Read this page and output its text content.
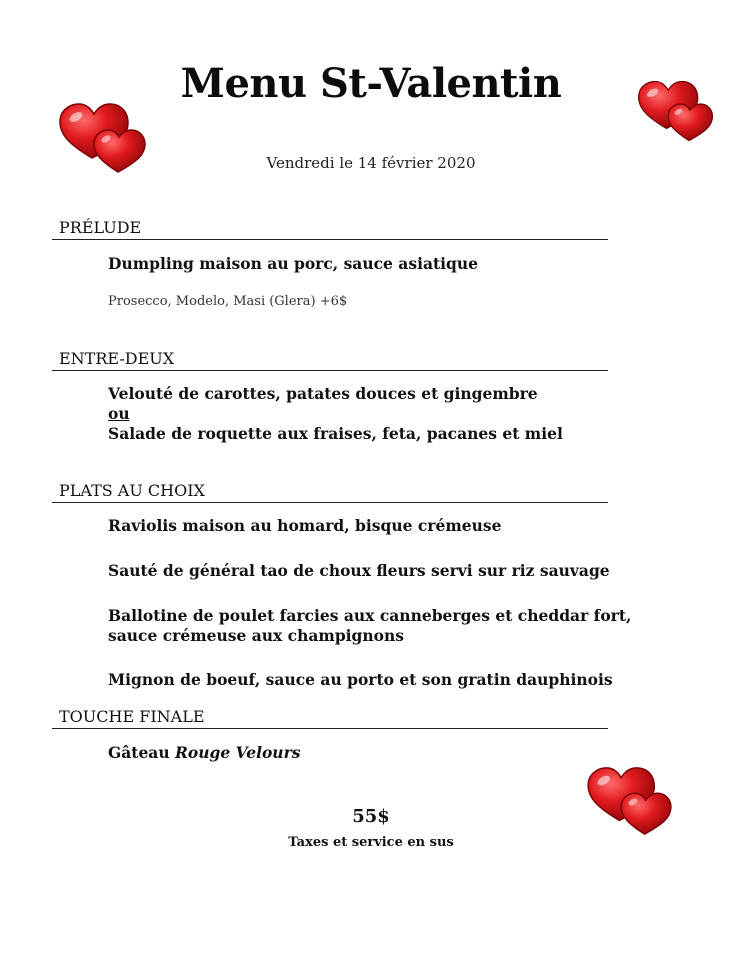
Menu St-Valentin
Vendredi le 14 février 2020
PRÉLUDE
Dumpling maison au porc, sauce asiatique
Prosecco, Modelo, Masi (Glera) +6$
ENTRE-DEUX
Velouté de carottes, patates douces et gingembre
ou
Salade de roquette aux fraises, feta, pacanes et miel
PLATS AU CHOIX
Raviolis maison au homard, bisque crémeuse
Sauté de général tao de choux fleurs servi sur riz sauvage
Ballotine de poulet farcies aux canneberges et cheddar fort,
sauce crémeuse aux champignons
Mignon de boeuf, sauce au porto et son gratin dauphinois
TOUCHE FINALE
Gâteau Rouge Velours
55$
Taxes et service en sus
